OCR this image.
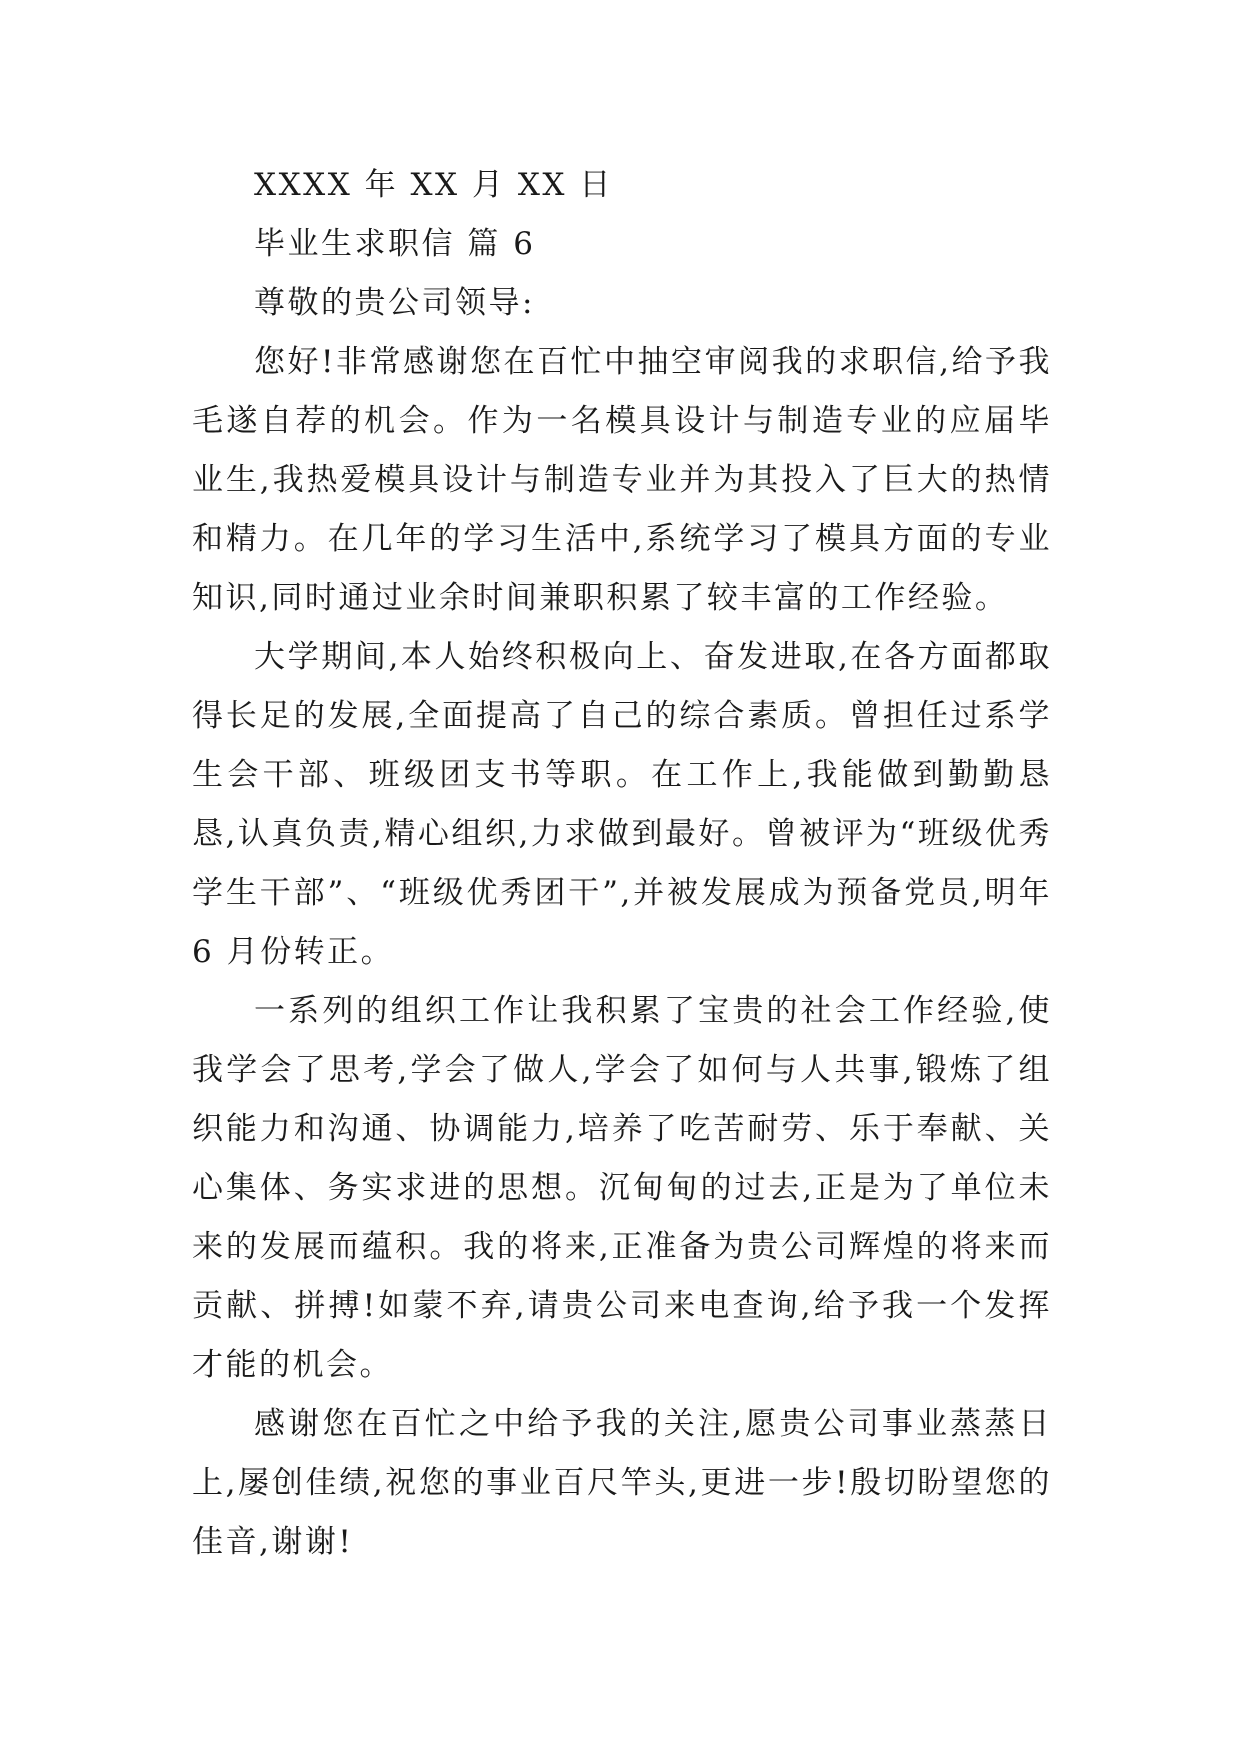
XXXX 年 XX 月 XX 日

毕业生求职信 篇 6

尊敬的贵公司领导:

您好!非常感谢您在百忙中抽空审阅我的求职信,给予我毛遂自荐的机会。作为一名模具设计与制造专业的应届毕业生,我热爱模具设计与制造专业并为其投入了巨大的热情和精力。在几年的学习生活中,系统学习了模具方面的专业知识,同时通过业余时间兼职积累了较丰富的工作经验。

大学期间,本人始终积极向上、奋发进取,在各方面都取得长足的发展,全面提高了自己的综合素质。曾担任过系学生会干部、班级团支书等职。在工作上,我能做到勤勤恳恳,认真负责,精心组织,力求做到最好。曾被评为“班级优秀学生干部”、“班级优秀团干”,并被发展成为预备党员,明年 6 月份转正。

一系列的组织工作让我积累了宝贵的社会工作经验,使我学会了思考,学会了做人,学会了如何与人共事,锻炼了组织能力和沟通、协调能力,培养了吃苦耐劳、乐于奉献、关心集体、务实求进的思想。沉甸甸的过去,正是为了单位未来的发展而蕴积。我的将来,正准备为贵公司辉煌的将来而贡献、拼搏!如蒙不弃,请贵公司来电查询,给予我一个发挥才能的机会。

感谢您在百忙之中给予我的关注,愿贵公司事业蒸蒸日上,屡创佳绩,祝您的事业百尺竿头,更进一步!殷切盼望您的佳音,谢谢!
